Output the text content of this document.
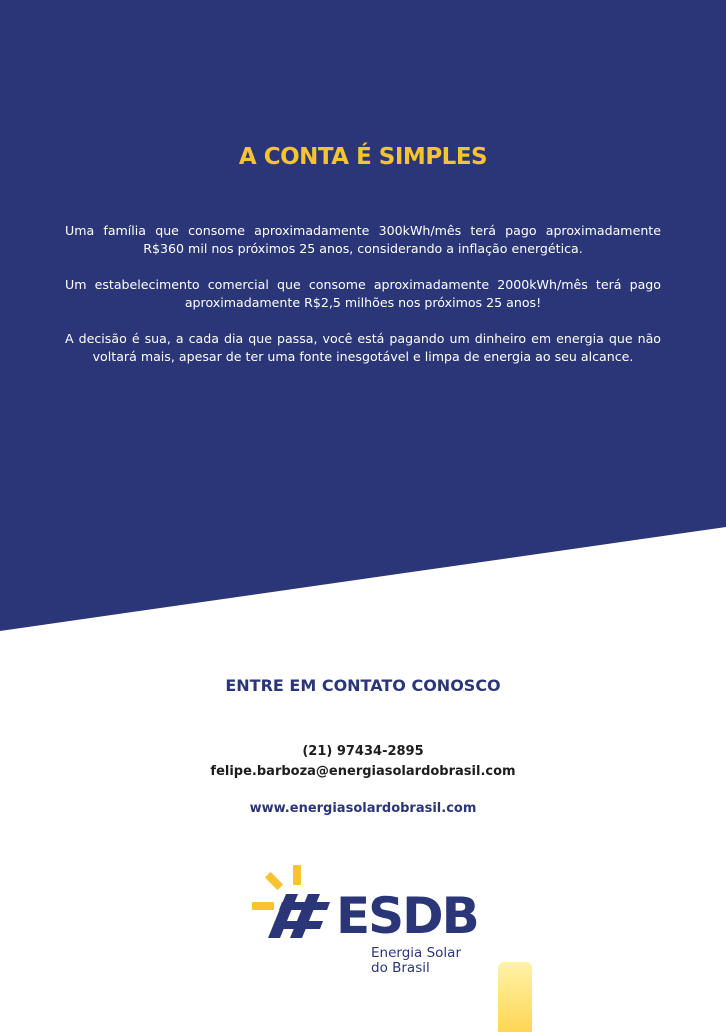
A CONTA É SIMPLES

Uma família que consome aproximadamente 300kWh/mês terá pago aproximadamente R$360 mil nos próximos 25 anos, considerando a inflação energética.

Um estabelecimento comercial que consome aproximadamente 2000kWh/mês terá pago aproximadamente R$2,5 milhões nos próximos 25 anos!

A decisão é sua, a cada dia que passa, você está pagando um dinheiro em energia que não voltará mais, apesar de ter uma fonte inesgotável e limpa de energia ao seu alcance.

ENTRE EM CONTATO CONOSCO

(21) 97434-2895

felipe.barboza@energiasolardobrasil.com

www.energiasolardobrasil.com

ESDB

Energia Solar
do Brasil
